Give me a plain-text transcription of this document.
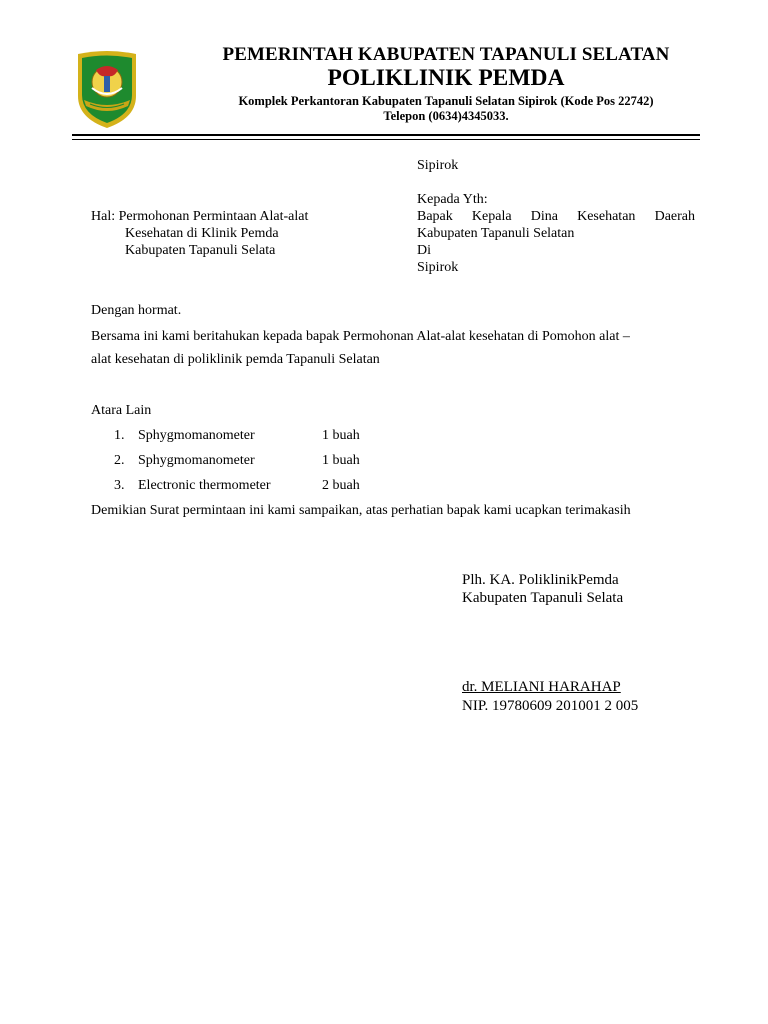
PEMERINTAH KABUPATEN TAPANULI SELATAN
POLIKLINIK PEMDA
Komplek Perkantoran Kabupaten Tapanuli Selatan Sipirok (Kode Pos 22742)
Telepon (0634)4345033.
Sipirok
Kepada Yth:
Bapak Kepala Dina Kesehatan Daerah
Kabupaten Tapanuli Selatan
Di
Sipirok
Hal: Permohonan Permintaan Alat-alat
Kesehatan di Klinik Pemda
Kabupaten Tapanuli Selata
Dengan hormat.
Bersama ini kami beritahukan kepada bapak Permohonan Alat-alat kesehatan di Pomohon alat –
alat kesehatan di poliklinik pemda Tapanuli Selatan
Atara Lain
1. Sphygmomanometer	1 buah
2. Sphygmomanometer	1 buah
3. Electronic thermometer	2 buah
Demikian Surat permintaan ini kami sampaikan, atas perhatian bapak kami ucapkan terimakasih
Plh. KA. PoliklinikPemda
Kabupaten Tapanuli Selata
dr. MELIANI HARAHAP
NIP. 19780609 201001 2 005
